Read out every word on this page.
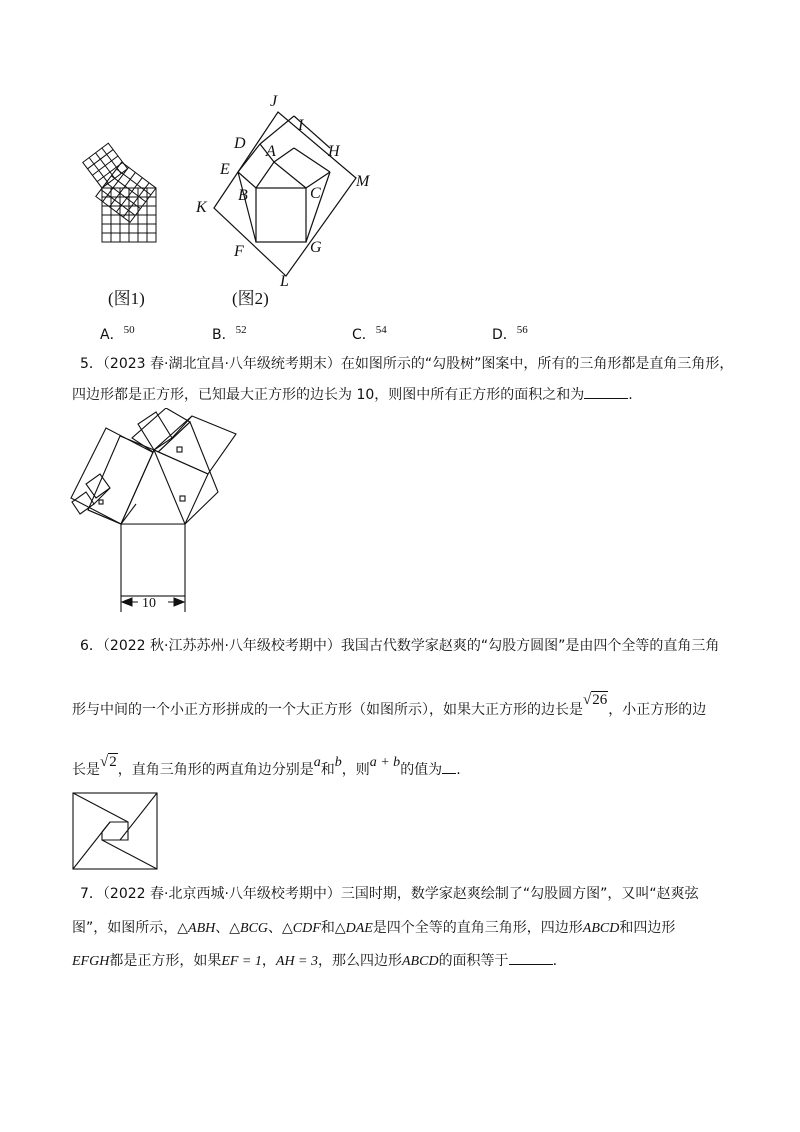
J
I
D	H
A
E
C
M
B
K
F	G
L
(图1)	(图2)
A．$^{50}$	B．$^{52}$	C．$^{54}$	D．$^{56}$
5．（2023 春·湖北宜昌·八年级统考期末）在如图所示的“勾股树”图案中，所有的三角形都是直角三角形，
四边形都是正方形，已知最大正方形的边长为 10，则图中所有正方形的面积之和为	.
10
6．（2022 秋·江苏苏州·八年级校考期中）我国古代数学家赵爽的“勾股方圆图”是由四个全等的直角三角
形与中间的一个小正方形拼成的一个大正方形（如图所示），如果大正方形的边长是√26，小正方形的边
长是√2，直角三角形的两直角边分别是a和b，则a + b的值为 .
7．（2022 春·北京西城·八年级校考期中）三国时期，数学家赵爽绘制了“勾股圆方图”，又叫“赵爽弦
图”，如图所示，△ABH、△BCG、△CDF和△DAE是四个全等的直角三角形，四边形ABCD和四边形
EFGH都是正方形，如果EF = 1，AH = 3，那么四边形ABCD的面积等于	.
